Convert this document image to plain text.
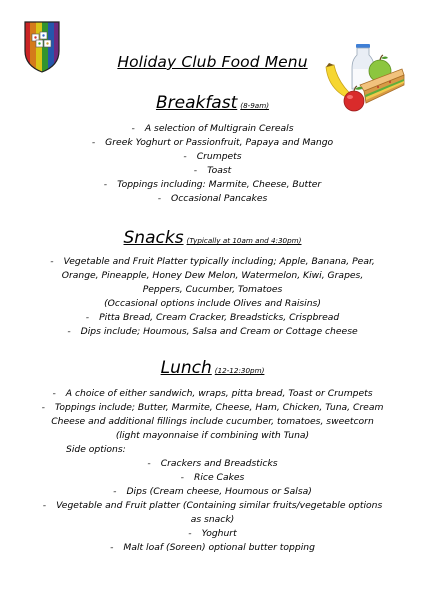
Holiday Club Food Menu
Breakfast (8-9am)
- A selection of Multigrain Cereals
- Greek Yoghurt or Passionfruit, Papaya and Mango
- Crumpets
- Toast
- Toppings including: Marmite, Cheese, Butter
- Occasional Pancakes
Snacks (Typically at 10am and 4:30pm)
- Vegetable and Fruit Platter typically including; Apple, Banana, Pear,
Orange, Pineapple, Honey Dew Melon, Watermelon, Kiwi, Grapes,
Peppers, Cucumber, Tomatoes
(Occasional options include Olives and Raisins)
- Pitta Bread, Cream Cracker, Breadsticks, Crispbread
- Dips include; Houmous, Salsa and Cream or Cottage cheese
Lunch (12-12:30pm)
- A choice of either sandwich, wraps, pitta bread, Toast or Crumpets
- Toppings include; Butter, Marmite, Cheese, Ham, Chicken, Tuna, Cream
Cheese and additional fillings include cucumber, tomatoes, sweetcorn
(light mayonnaise if combining with Tuna)
Side options:
- Crackers and Breadsticks
- Rice Cakes
- Dips (Cream cheese, Houmous or Salsa)
- Vegetable and Fruit platter (Containing similar fruits/vegetable options
as snack)
- Yoghurt
- Malt loaf (Soreen) optional butter topping
